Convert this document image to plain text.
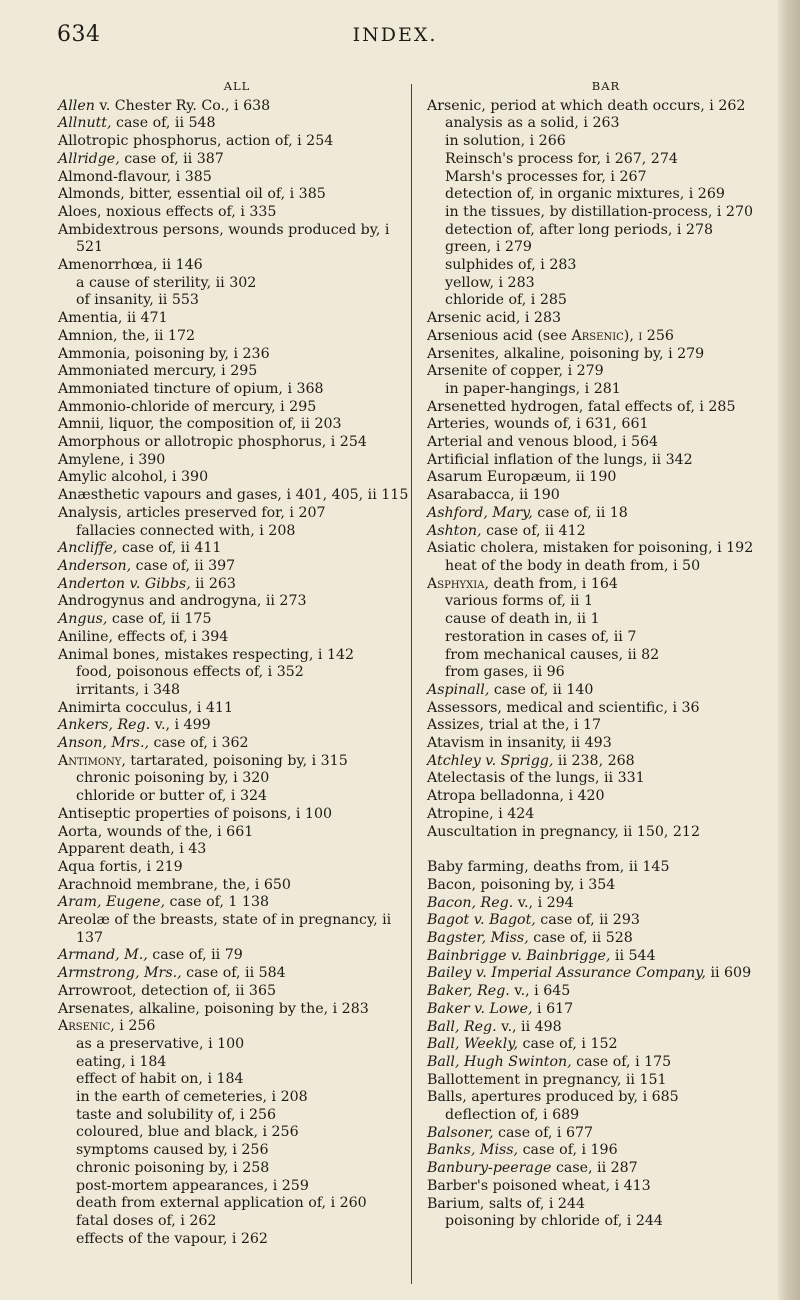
634	INDEX.
ALL
Allen v. Chester Ry. Co., i 638
Allnutt, case of, ii 548
Allotropic phosphorus, action of, i 254
Allridge, case of, ii 387
Almond-flavour, i 385
Almonds, bitter, essential oil of, i 385
Aloes, noxious effects of, i 335
Ambidextrous persons, wounds produced by, i 521
Amenorrhœa, ii 146
a cause of sterility, ii 302
of insanity, ii 553
Amentia, ii 471
Amnion, the, ii 172
Ammonia, poisoning by, i 236
Ammoniated mercury, i 295
Ammoniated tincture of opium, i 368
Ammonio-chloride of mercury, i 295
Amnii, liquor, the composition of, ii 203
Amorphous or allotropic phosphorus, i 254
Amylene, i 390
Amylic alcohol, i 390
Anæsthetic vapours and gases, i 401, 405, ii 115
Analysis, articles preserved for, i 207
fallacies connected with, i 208
Ancliffe, case of, ii 411
Anderson, case of, ii 397
Anderton v. Gibbs, ii 263
Androgynus and androgyna, ii 273
Angus, case of, ii 175
Aniline, effects of, i 394
Animal bones, mistakes respecting, i 142
food, poisonous effects of, i 352
irritants, i 348
Animirta cocculus, i 411
Ankers, Reg. v., i 499
Anson, Mrs., case of, i 362
Antimony, tartarated, poisoning by, i 315
chronic poisoning by, i 320
chloride or butter of, i 324
Antiseptic properties of poisons, i 100
Aorta, wounds of the, i 661
Apparent death, i 43
Aqua fortis, i 219
Arachnoid membrane, the, i 650
Aram, Eugene, case of, 1 138
Areolæ of the breasts, state of in pregnancy, ii 137
Armand, M., case of, ii 79
Armstrong, Mrs., case of, ii 584
Arrowroot, detection of, ii 365
Arsenates, alkaline, poisoning by the, i 283
Arsenic, i 256
as a preservative, i 100
eating, i 184
effect of habit on, i 184
in the earth of cemeteries, i 208
taste and solubility of, i 256
coloured, blue and black, i 256
symptoms caused by, i 256
chronic poisoning by, i 258
post-mortem appearances, i 259
death from external application of, i 260
fatal doses of, i 262
effects of the vapour, i 262
BAR
Arsenic, period at which death occurs, i 262
analysis as a solid, i 263
in solution, i 266
Reinsch's process for, i 267, 274
Marsh's processes for, i 267
detection of, in organic mixtures, i 269
in the tissues, by distillation-process, i 270
detection of, after long periods, i 278
green, i 279
sulphides of, i 283
yellow, i 283
chloride of, i 285
Arsenic acid, i 283
Arsenious acid (see Arsenic), i 256
Arsenites, alkaline, poisoning by, i 279
Arsenite of copper, i 279
in paper-hangings, i 281
Arsenetted hydrogen, fatal effects of, i 285
Arteries, wounds of, i 631, 661
Arterial and venous blood, i 564
Artificial inflation of the lungs, ii 342
Asarum Europæum, ii 190
Asarabacca, ii 190
Ashford, Mary, case of, ii 18
Ashton, case of, ii 412
Asiatic cholera, mistaken for poisoning, i 192
heat of the body in death from, i 50
Asphyxia, death from, i 164
various forms of, ii 1
cause of death in, ii 1
restoration in cases of, ii 7
from mechanical causes, ii 82
from gases, ii 96
Aspinall, case of, ii 140
Assessors, medical and scientific, i 36
Assizes, trial at the, i 17
Atavism in insanity, ii 493
Atchley v. Sprigg, ii 238, 268
Atelectasis of the lungs, ii 331
Atropa belladonna, i 420
Atropine, i 424
Auscultation in pregnancy, ii 150, 212
Baby farming, deaths from, ii 145
Bacon, poisoning by, i 354
Bacon, Reg. v., i 294
Bagot v. Bagot, case of, ii 293
Bagster, Miss, case of, ii 528
Bainbrigge v. Bainbrigge, ii 544
Bailey v. Imperial Assurance Company, ii 609
Baker, Reg. v., i 645
Baker v. Lowe, i 617
Ball, Reg. v., ii 498
Ball, Weekly, case of, i 152
Ball, Hugh Swinton, case of, i 175
Ballottement in pregnancy, ii 151
Balls, apertures produced by, i 685
deflection of, i 689
Balsoner, case of, i 677
Banks, Miss, case of, i 196
Banbury-peerage case, ii 287
Barber's poisoned wheat, i 413
Barium, salts of, i 244
poisoning by chloride of, i 244
